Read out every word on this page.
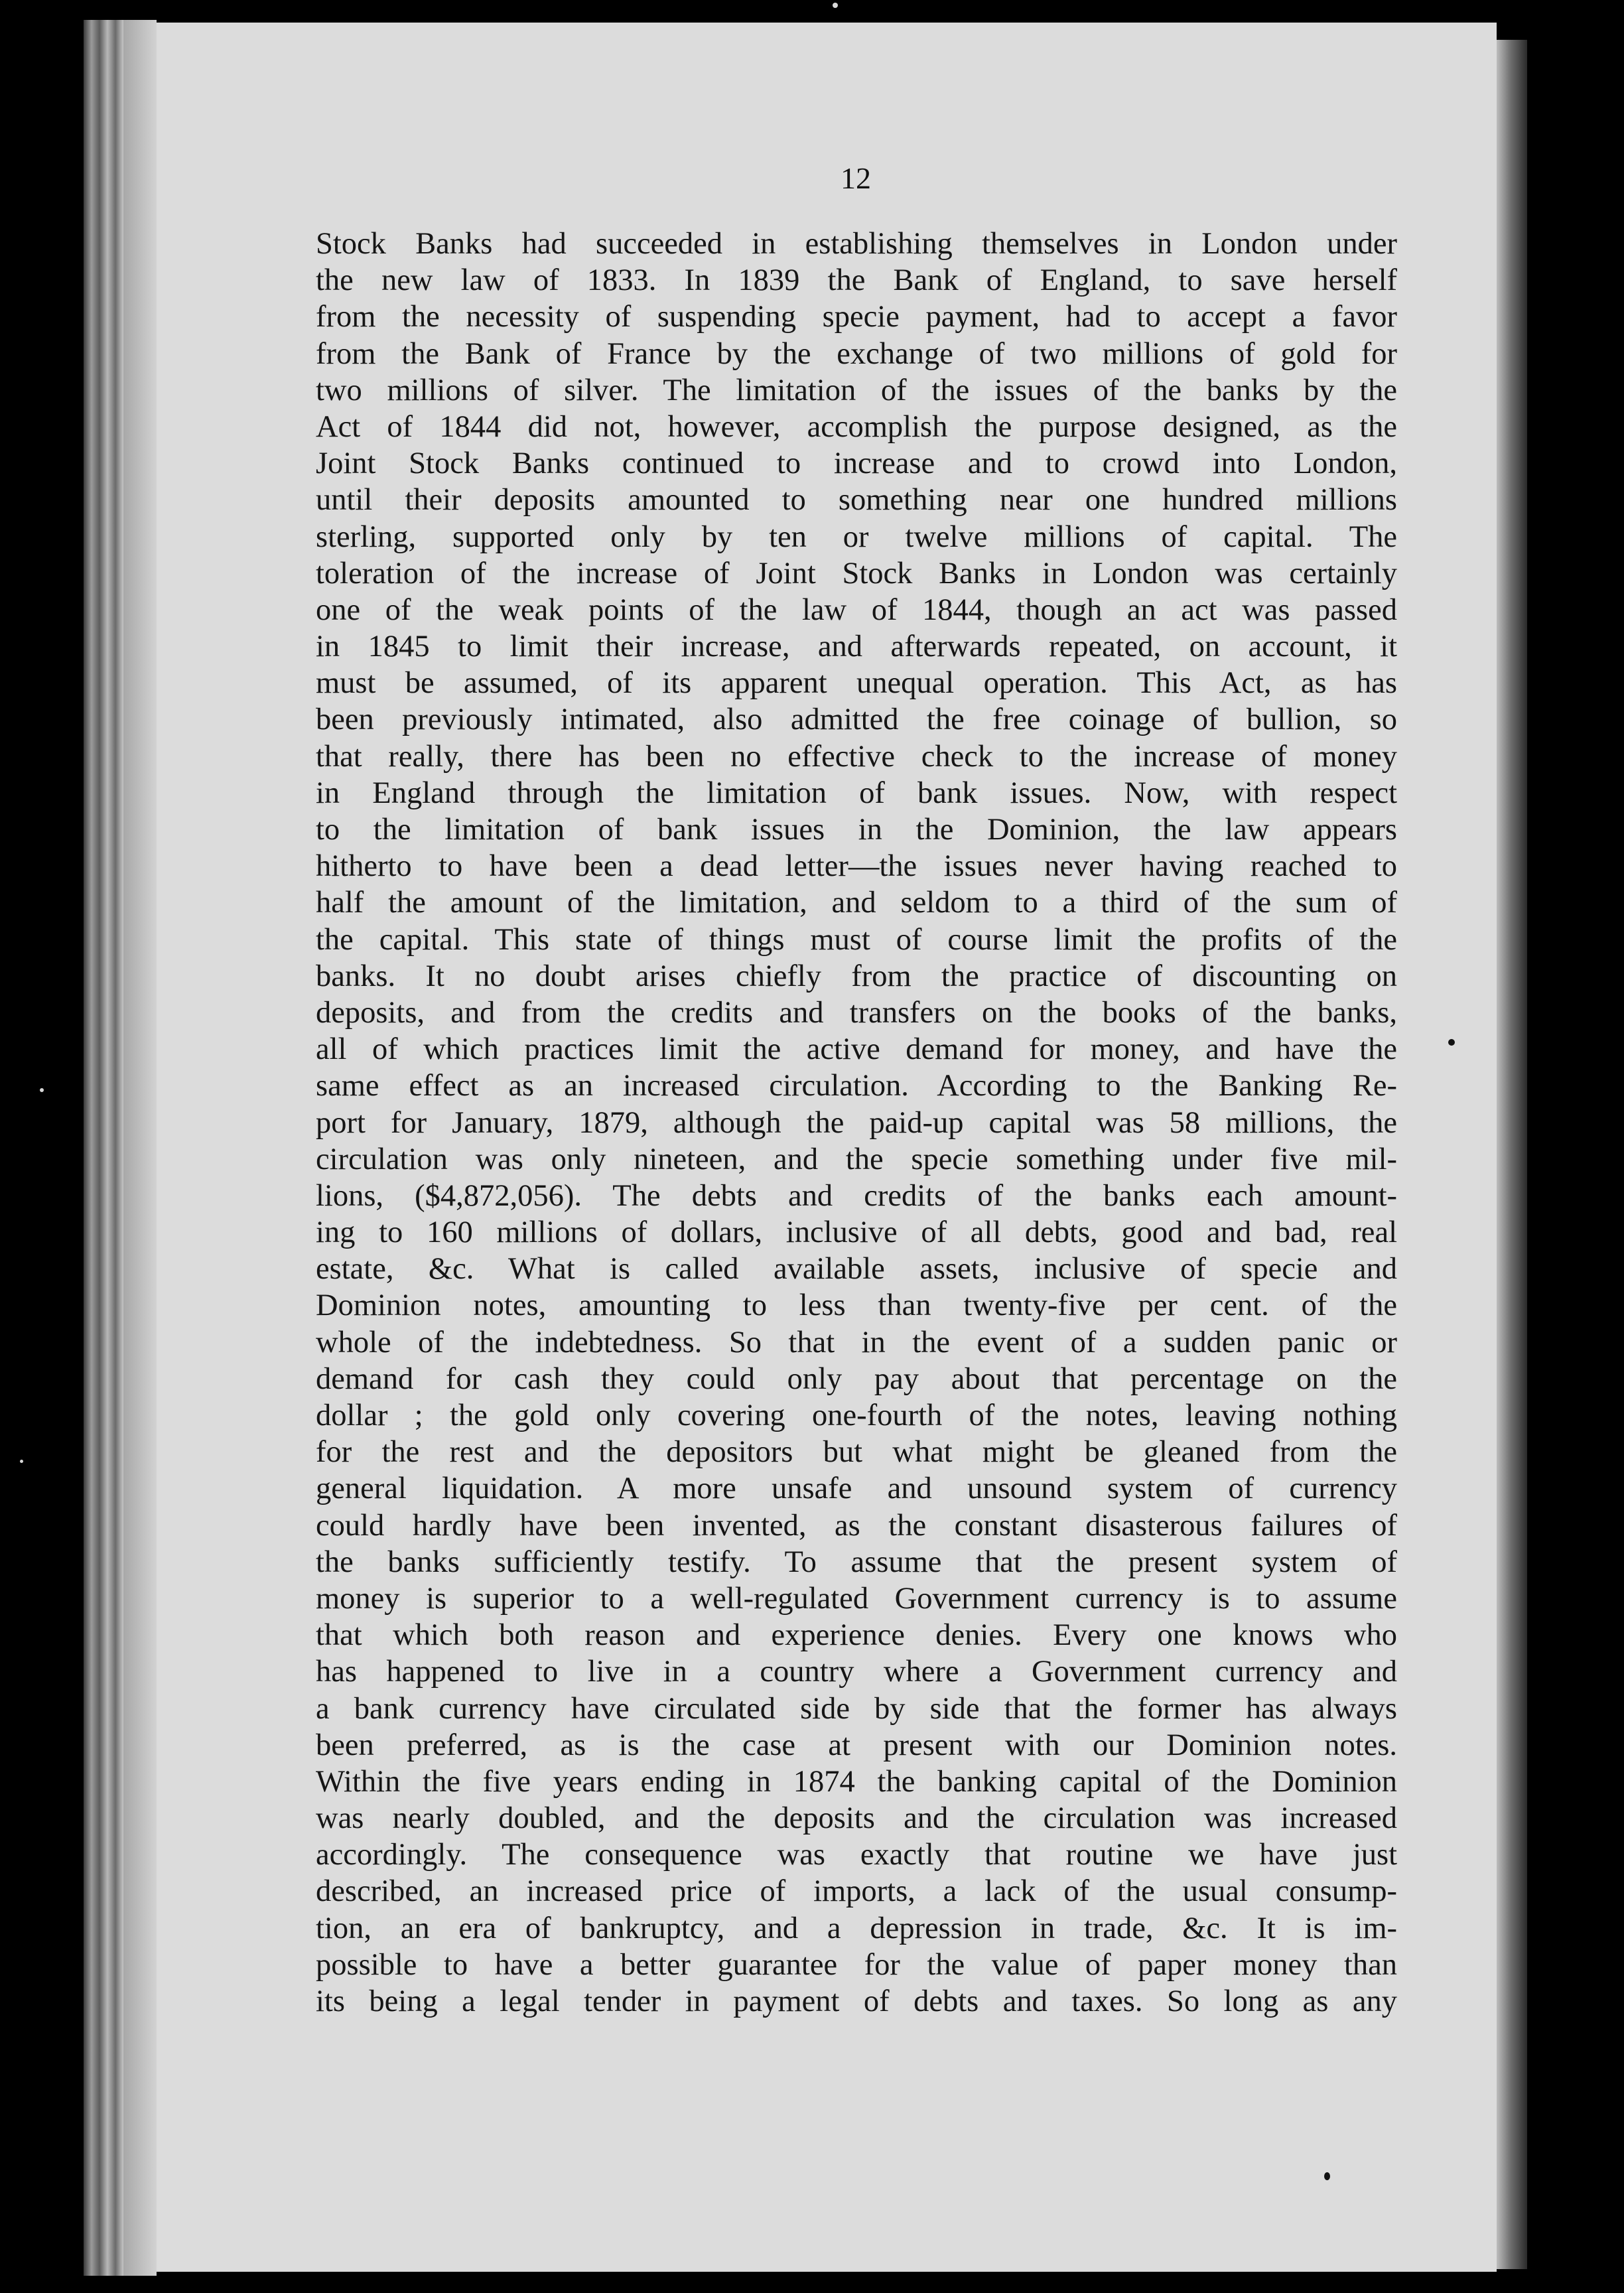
12

Stock Banks had succeeded in establishing themselves in London under
the new law of 1833. In 1839 the Bank of England, to save herself
from the necessity of suspending specie payment, had to accept a favor
from the Bank of France by the exchange of two millions of gold for
two millions of silver. The limitation of the issues of the banks by the
Act of 1844 did not, however, accomplish the purpose designed, as the
Joint Stock Banks continued to increase and to crowd into London,
until their deposits amounted to something near one hundred millions
sterling, supported only by ten or twelve millions of capital. The
toleration of the increase of Joint Stock Banks in London was certainly
one of the weak points of the law of 1844, though an act was passed
in 1845 to limit their increase, and afterwards repeated, on account, it
must be assumed, of its apparent unequal operation. This Act, as has
been previously intimated, also admitted the free coinage of bullion, so
that really, there has been no effective check to the increase of money
in England through the limitation of bank issues. Now, with respect
to the limitation of bank issues in the Dominion, the law appears
hitherto to have been a dead letter—the issues never having reached to
half the amount of the limitation, and seldom to a third of the sum of
the capital. This state of things must of course limit the profits of the
banks. It no doubt arises chiefly from the practice of discounting on
deposits, and from the credits and transfers on the books of the banks,
all of which practices limit the active demand for money, and have the
same effect as an increased circulation. According to the Banking Re-
port for January, 1879, although the paid-up capital was 58 millions, the
circulation was only nineteen, and the specie something under five mil-
lions, ($4,872,056). The debts and credits of the banks each amount-
ing to 160 millions of dollars, inclusive of all debts, good and bad, real
estate, &c. What is called available assets, inclusive of specie and
Dominion notes, amounting to less than twenty-five per cent. of the
whole of the indebtedness. So that in the event of a sudden panic or
demand for cash they could only pay about that percentage on the
dollar ; the gold only covering one-fourth of the notes, leaving nothing
for the rest and the depositors but what might be gleaned from the
general liquidation. A more unsafe and unsound system of currency
could hardly have been invented, as the constant disasterous failures of
the banks sufficiently testify. To assume that the present system of
money is superior to a well-regulated Government currency is to assume
that which both reason and experience denies. Every one knows who
has happened to live in a country where a Government currency and
a bank currency have circulated side by side that the former has always
been preferred, as is the case at present with our Dominion notes.
Within the five years ending in 1874 the banking capital of the Dominion
was nearly doubled, and the deposits and the circulation was increased
accordingly. The consequence was exactly that routine we have just
described, an increased price of imports, a lack of the usual consump-
tion, an era of bankruptcy, and a depression in trade, &c. It is im-
possible to have a better guarantee for the value of paper money than
its being a legal tender in payment of debts and taxes. So long as any
